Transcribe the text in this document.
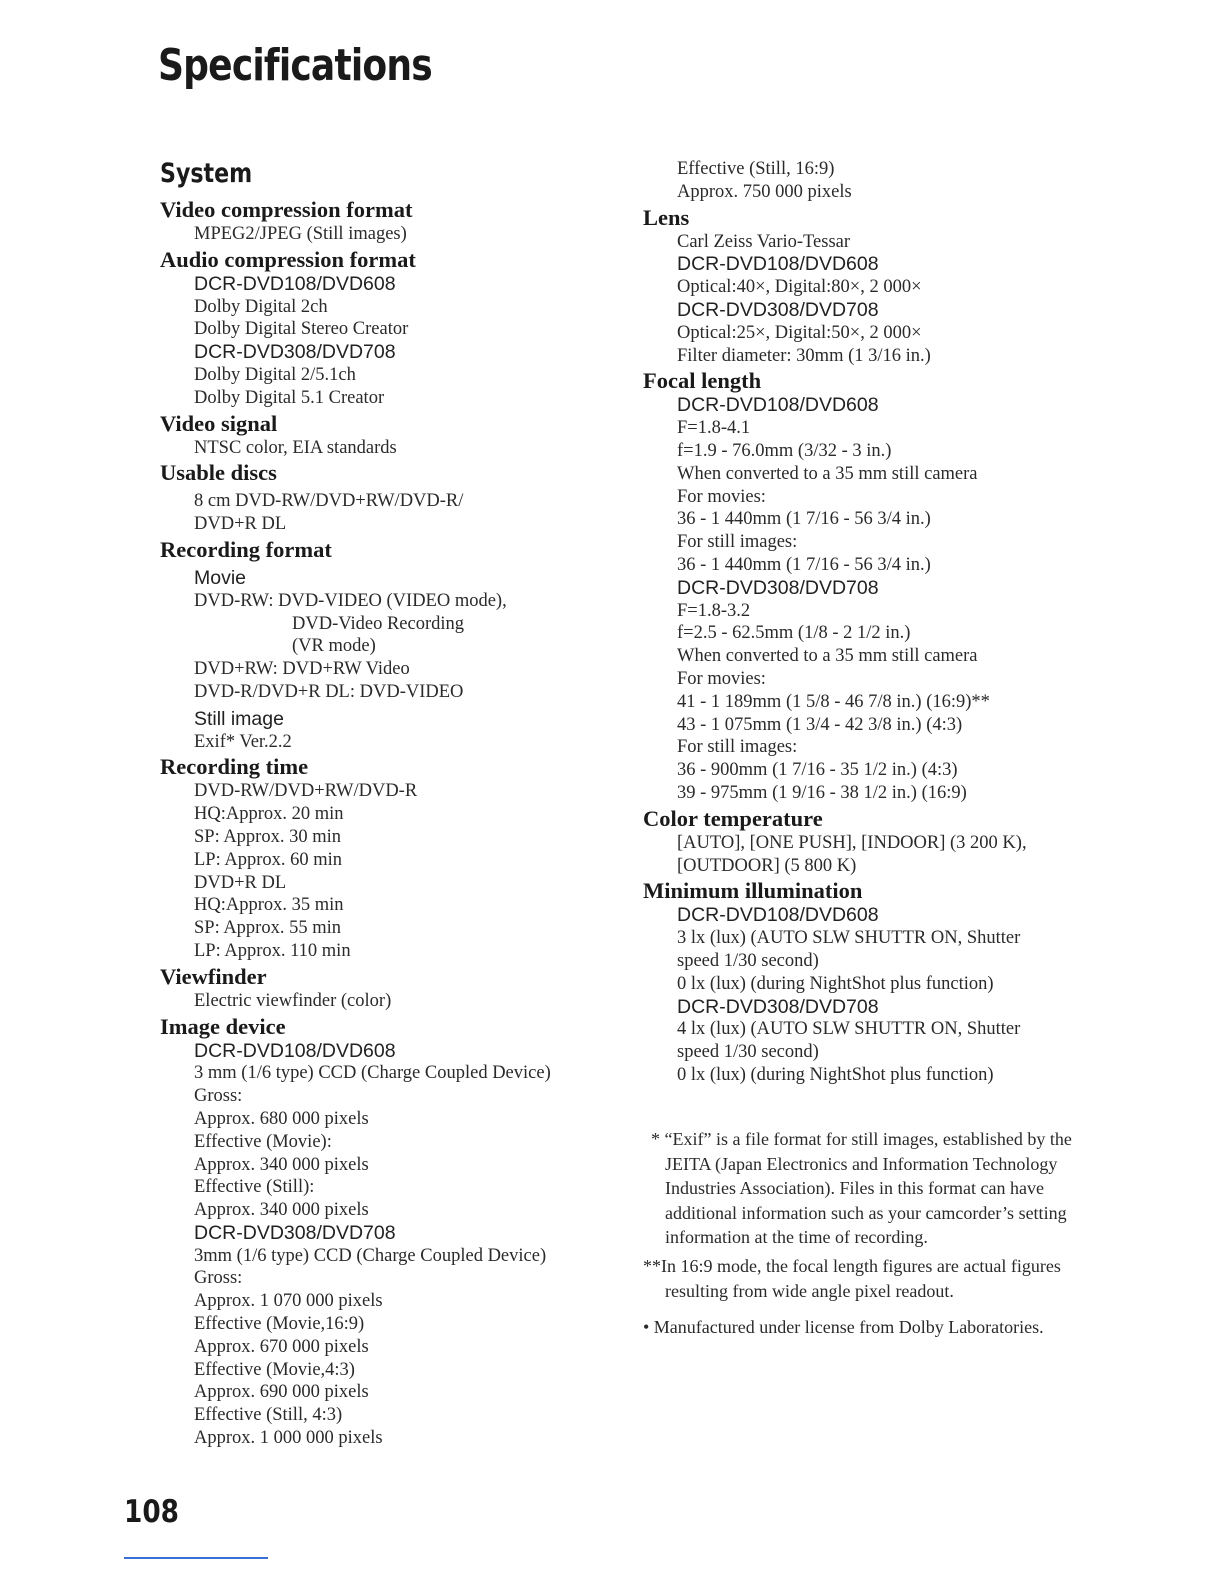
Specifications
System
Video compression format
MPEG2/JPEG (Still images)
Audio compression format
DCR-DVD108/DVD608
Dolby Digital 2ch
Dolby Digital Stereo Creator
DCR-DVD308/DVD708
Dolby Digital 2/5.1ch
Dolby Digital 5.1 Creator
Video signal
NTSC color, EIA standards
Usable discs
8 cm DVD-RW/DVD+RW/DVD-R/
DVD+R DL
Recording format
Movie
DVD-RW: DVD-VIDEO (VIDEO mode),
DVD-Video Recording
(VR mode)
DVD+RW: DVD+RW Video
DVD-R/DVD+R DL: DVD-VIDEO
Still image
Exif* Ver.2.2
Recording time
DVD-RW/DVD+RW/DVD-R
HQ:Approx. 20 min
SP: Approx. 30 min
LP: Approx. 60 min
DVD+R DL
HQ:Approx. 35 min
SP: Approx. 55 min
LP: Approx. 110 min
Viewfinder
Electric viewfinder (color)
Image device
DCR-DVD108/DVD608
3 mm (1/6 type) CCD (Charge Coupled Device)
Gross:
Approx. 680 000 pixels
Effective (Movie):
Approx. 340 000 pixels
Effective (Still):
Approx. 340 000 pixels
DCR-DVD308/DVD708
3mm (1/6 type) CCD (Charge Coupled Device)
Gross:
Approx. 1 070 000 pixels
Effective (Movie,16:9)
Approx. 670 000 pixels
Effective (Movie,4:3)
Approx. 690 000 pixels
Effective (Still, 4:3)
Approx. 1 000 000 pixels
Effective (Still, 16:9)
Approx. 750 000 pixels
Lens
Carl Zeiss Vario-Tessar
DCR-DVD108/DVD608
Optical:40×, Digital:80×, 2 000×
DCR-DVD308/DVD708
Optical:25×, Digital:50×, 2 000×
Filter diameter: 30mm (1 3/16 in.)
Focal length
DCR-DVD108/DVD608
F=1.8-4.1
f=1.9 - 76.0mm (3/32 - 3 in.)
When converted to a 35 mm still camera
For movies:
36 - 1 440mm (1 7/16 - 56 3/4 in.)
For still images:
36 - 1 440mm (1 7/16 - 56 3/4 in.)
DCR-DVD308/DVD708
F=1.8-3.2
f=2.5 - 62.5mm (1/8 - 2 1/2 in.)
When converted to a 35 mm still camera
For movies:
41 - 1 189mm (1 5/8 - 46 7/8 in.) (16:9)**
43 - 1 075mm (1 3/4 - 42 3/8 in.) (4:3)
For still images:
36 - 900mm (1 7/16 - 35 1/2 in.) (4:3)
39 - 975mm (1 9/16 - 38 1/2 in.) (16:9)
Color temperature
[AUTO], [ONE PUSH], [INDOOR] (3 200 K),
[OUTDOOR] (5 800 K)
Minimum illumination
DCR-DVD108/DVD608
3 lx (lux) (AUTO SLW SHUTTR ON, Shutter
speed 1/30 second)
0 lx (lux) (during NightShot plus function)
DCR-DVD308/DVD708
4 lx (lux) (AUTO SLW SHUTTR ON, Shutter
speed 1/30 second)
0 lx (lux) (during NightShot plus function)
* “Exif” is a file format for still images, established by the JEITA (Japan Electronics and Information Technology Industries Association). Files in this format can have additional information such as your camcorder’s setting information at the time of recording.
**In 16:9 mode, the focal length figures are actual figures resulting from wide angle pixel readout.
• Manufactured under license from Dolby Laboratories.
108
